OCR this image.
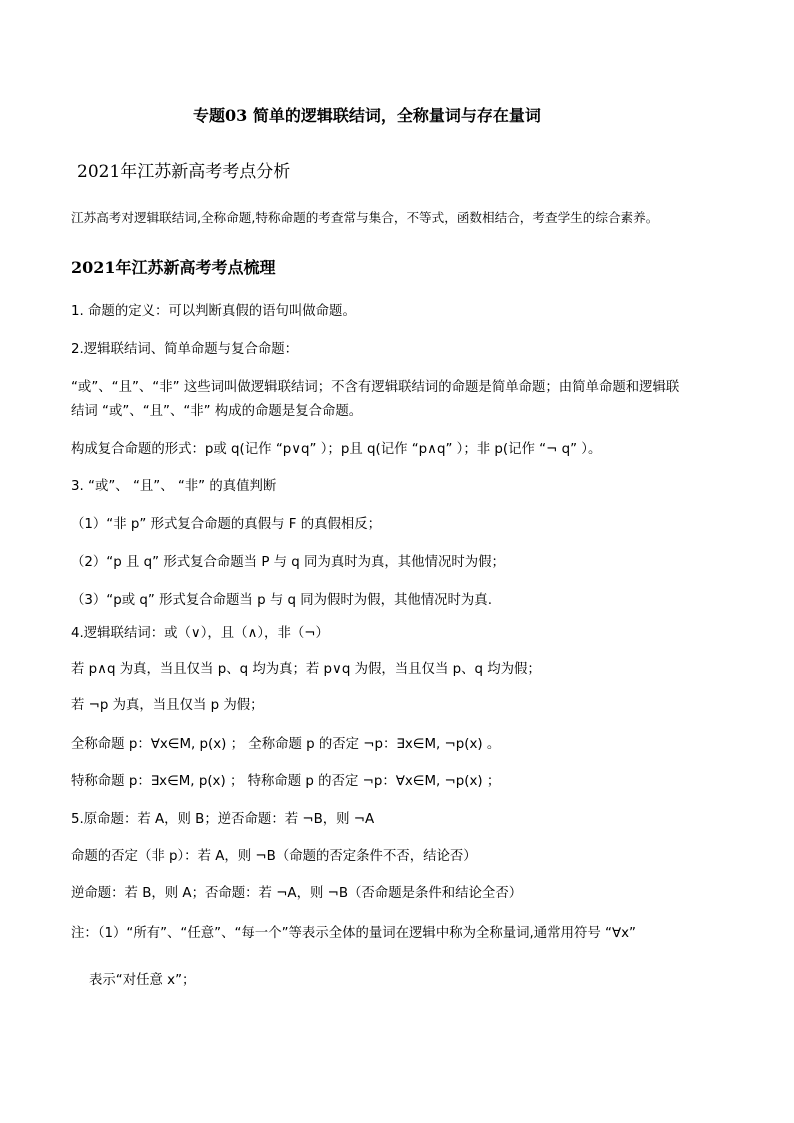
专题03 简单的逻辑联结词，全称量词与存在量词
2021年江苏新高考考点分析
江苏高考对逻辑联结词,全称命题,特称命题的考查常与集合，不等式，函数相结合，考查学生的综合素养。
2021年江苏新高考考点梳理
1. 命题的定义：可以判断真假的语句叫做命题。
2.逻辑联结词、简单命题与复合命题：
“或”、“且”、“非” 这些词叫做逻辑联结词；不含有逻辑联结词的命题是简单命题；由简单命题和逻辑联
结词 “或”、“且”、“非” 构成的命题是复合命题。
构成复合命题的形式：p或 q(记作 “p∨q” ）；p且 q(记作 “p∧q” ）；非 p(记作 “¬ q” ）。
3. “或”、 “且”、 “非” 的真值判断
（1）“非 p” 形式复合命题的真假与 F 的真假相反；
（2）“p 且 q” 形式复合命题当 P 与 q 同为真时为真，其他情况时为假；
（3）“p或 q” 形式复合命题当 p 与 q 同为假时为假，其他情况时为真.
4.逻辑联结词：或（∨），且（∧），非（¬）
若 p∧q 为真，当且仅当 p、q 均为真；若 p∨q 为假，当且仅当 p、q 均为假；
若 ¬p 为真，当且仅当 p 为假；
全称命题 p：∀x∈M, p(x) ； 全称命题 p 的否定 ¬p：∃x∈M, ¬p(x) 。
特称命题 p：∃x∈M, p(x) ； 特称命题 p 的否定 ¬p：∀x∈M, ¬p(x) ；
5.原命题：若 A，则 B；逆否命题：若 ¬B，则 ¬A
命题的否定（非 p）：若 A，则 ¬B（命题的否定条件不否，结论否）
逆命题：若 B，则 A；否命题：若 ¬A，则 ¬B（否命题是条件和结论全否）
注：（1）“所有”、“任意”、“每一个”等表示全体的量词在逻辑中称为全称量词,通常用符号 “∀x”
表示“对任意 x”；
